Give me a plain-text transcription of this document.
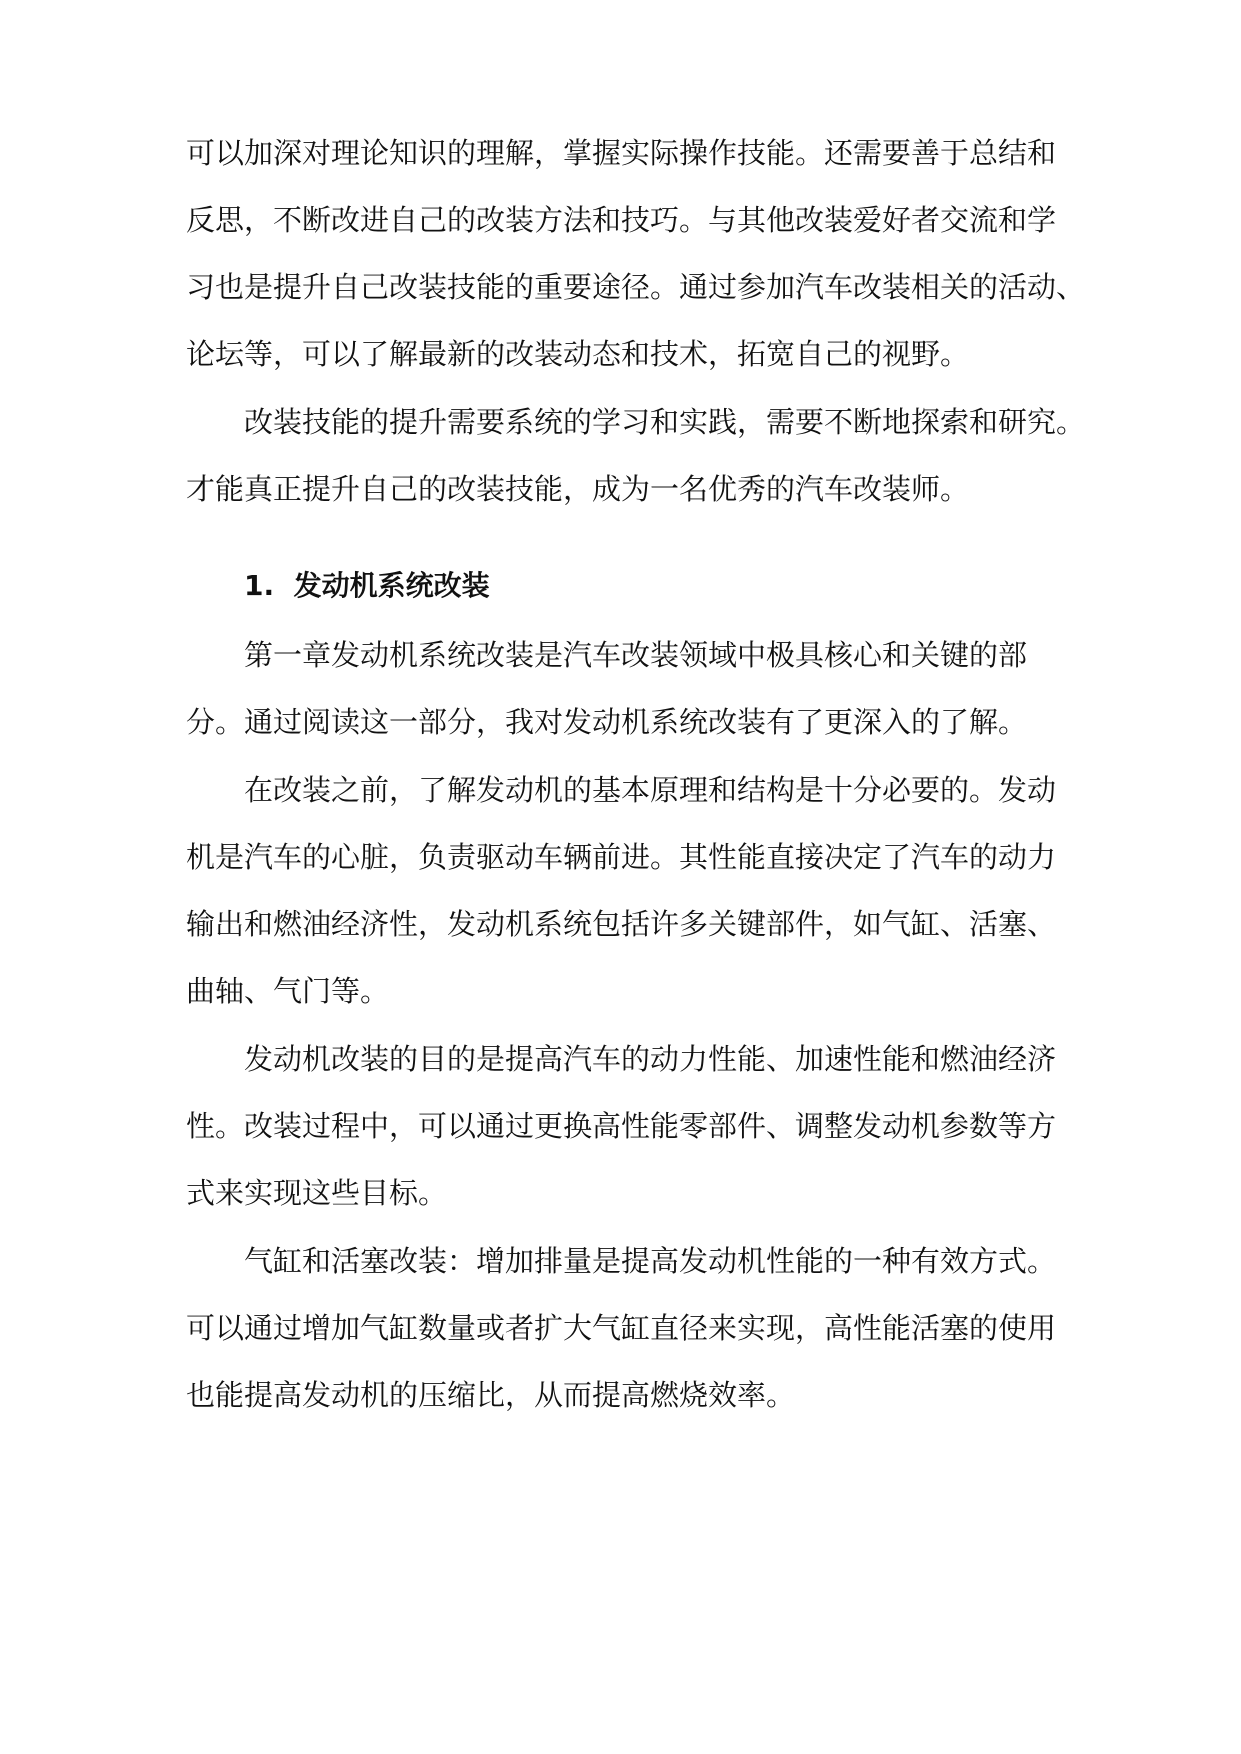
可以加深对理论知识的理解，掌握实际操作技能。还需要善于总结和
反思，不断改进自己的改装方法和技巧。与其他改装爱好者交流和学
习也是提升自己改装技能的重要途径。通过参加汽车改装相关的活动、
论坛等，可以了解最新的改装动态和技术，拓宽自己的视野。
改装技能的提升需要系统的学习和实践，需要不断地探索和研究。
才能真正提升自己的改装技能，成为一名优秀的汽车改装师。
1. 发动机系统改装
第一章发动机系统改装是汽车改装领域中极具核心和关键的部
分。通过阅读这一部分，我对发动机系统改装有了更深入的了解。
在改装之前，了解发动机的基本原理和结构是十分必要的。发动
机是汽车的心脏，负责驱动车辆前进。其性能直接决定了汽车的动力
输出和燃油经济性，发动机系统包括许多关键部件，如气缸、活塞、
曲轴、气门等。
发动机改装的目的是提高汽车的动力性能、加速性能和燃油经济
性。改装过程中，可以通过更换高性能零部件、调整发动机参数等方
式来实现这些目标。
气缸和活塞改装：增加排量是提高发动机性能的一种有效方式。
可以通过增加气缸数量或者扩大气缸直径来实现，高性能活塞的使用
也能提高发动机的压缩比，从而提高燃烧效率。
